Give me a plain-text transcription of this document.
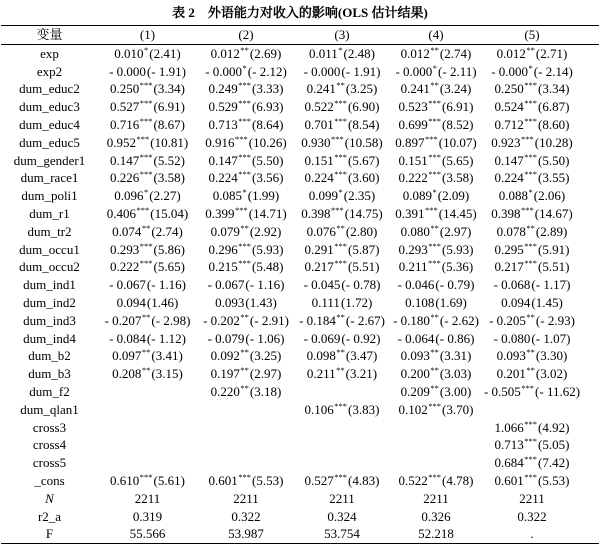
表 2　外语能力对收入的影响(OLS 估计结果)
变量	(1)	(2)	(3)	(4)	(5)
exp	0.010*(2.41)	0.012**(2.69)	0.011*(2.48)	0.012**(2.74)	0.012**(2.71)
exp2	- 0.000(- 1.91)	- 0.000*(- 2.12)	- 0.000(- 1.91)	- 0.000*(- 2.11)	- 0.000*(- 2.14)
dum_educ2	0.250***(3.34)	0.249***(3.33)	0.241**(3.25)	0.241**(3.24)	0.250***(3.34)
dum_educ3	0.527***(6.91)	0.529***(6.93)	0.522***(6.90)	0.523***(6.91)	0.524***(6.87)
dum_educ4	0.716***(8.67)	0.713***(8.64)	0.701***(8.54)	0.699***(8.52)	0.712***(8.60)
dum_educ5	0.952***(10.81)	0.916***(10.26)	0.930***(10.58)	0.897***(10.07)	0.923***(10.28)
dum_gender1	0.147***(5.52)	0.147***(5.50)	0.151***(5.67)	0.151***(5.65)	0.147***(5.50)
dum_race1	0.226***(3.58)	0.224***(3.56)	0.224***(3.60)	0.222***(3.58)	0.224***(3.55)
dum_poli1	0.096*(2.27)	0.085*(1.99)	0.099*(2.35)	0.089*(2.09)	0.088*(2.06)
dum_r1	0.406***(15.04)	0.399***(14.71)	0.398***(14.75)	0.391***(14.45)	0.398***(14.67)
dum_tr2	0.074**(2.74)	0.079**(2.92)	0.076**(2.80)	0.080**(2.97)	0.078**(2.89)
dum_occu1	0.293***(5.86)	0.296***(5.93)	0.291***(5.87)	0.293***(5.93)	0.295***(5.91)
dum_occu2	0.222***(5.65)	0.215***(5.48)	0.217***(5.51)	0.211***(5.36)	0.217***(5.51)
dum_ind1	- 0.067(- 1.16)	- 0.067(- 1.16)	- 0.045(- 0.78)	- 0.046(- 0.79)	- 0.068(- 1.17)
dum_ind2	0.094(1.46)	0.093(1.43)	0.111(1.72)	0.108(1.69)	0.094(1.45)
dum_ind3	- 0.207**(- 2.98)	- 0.202**(- 2.91)	- 0.184**(- 2.67)	- 0.180**(- 2.62)	- 0.205**(- 2.93)
dum_ind4	- 0.084(- 1.12)	- 0.079(- 1.06)	- 0.069(- 0.92)	- 0.064(- 0.86)	- 0.080(- 1.07)
dum_b2	0.097**(3.41)	0.092**(3.25)	0.098**(3.47)	0.093**(3.31)	0.093**(3.30)
dum_b3	0.208**(3.15)	0.197**(2.97)	0.211**(3.21)	0.200**(3.03)	0.201**(3.02)
dum_f2		0.220**(3.18)		0.209**(3.00)	- 0.505***(- 11.62)
dum_qlan1			0.106***(3.83)	0.102***(3.70)	
cross3					1.066***(4.92)
cross4					0.713***(5.05)
cross5					0.684***(7.42)
_cons	0.610***(5.61)	0.601***(5.53)	0.527***(4.83)	0.522***(4.78)	0.601***(5.53)
N	2211	2211	2211	2211	2211
r2_a	0.319	0.322	0.324	0.326	0.322
F	55.566	53.987	53.754	52.218	.
